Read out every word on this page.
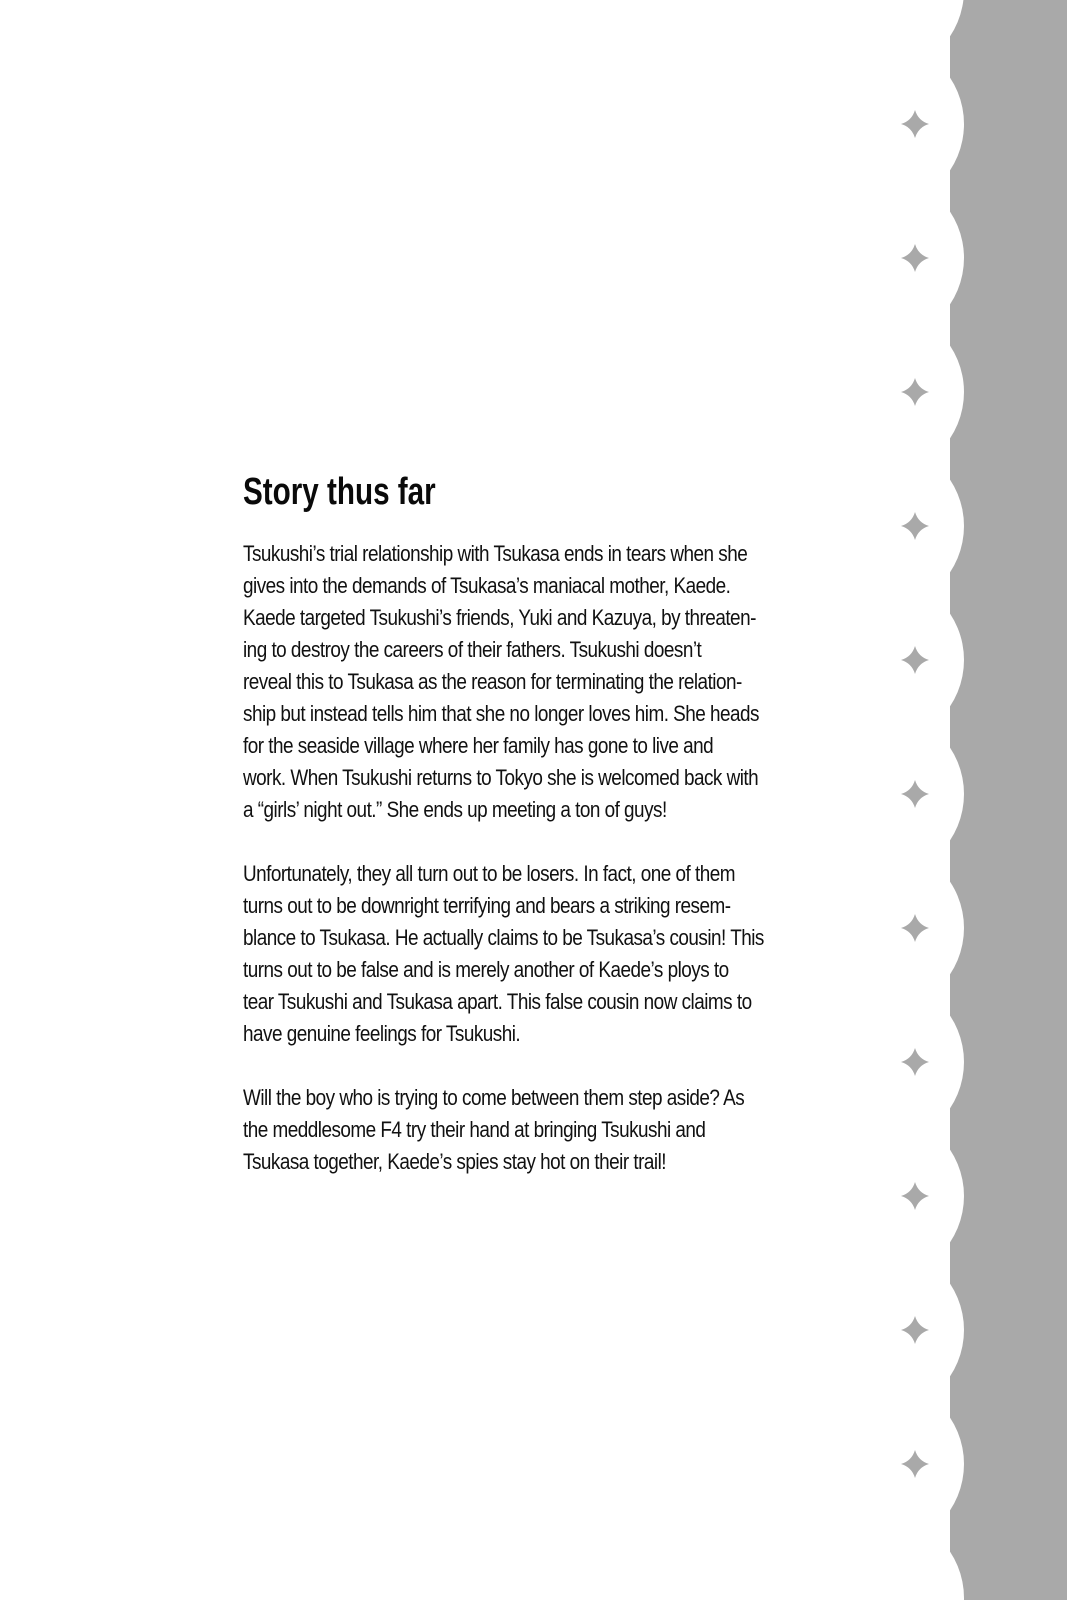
Story thus far

Tsukushi’s trial relationship with Tsukasa ends in tears when she
gives into the demands of Tsukasa’s maniacal mother, Kaede.
Kaede targeted Tsukushi’s friends, Yuki and Kazuya, by threaten-
ing to destroy the careers of their fathers. Tsukushi doesn’t
reveal this to Tsukasa as the reason for terminating the relation-
ship but instead tells him that she no longer loves him. She heads
for the seaside village where her family has gone to live and
work. When Tsukushi returns to Tokyo she is welcomed back with
a “girls’ night out.” She ends up meeting a ton of guys!

Unfortunately, they all turn out to be losers. In fact, one of them
turns out to be downright terrifying and bears a striking resem-
blance to Tsukasa. He actually claims to be Tsukasa’s cousin! This
turns out to be false and is merely another of Kaede’s ploys to
tear Tsukushi and Tsukasa apart. This false cousin now claims to
have genuine feelings for Tsukushi.

Will the boy who is trying to come between them step aside? As
the meddlesome F4 try their hand at bringing Tsukushi and
Tsukasa together, Kaede’s spies stay hot on their trail!
